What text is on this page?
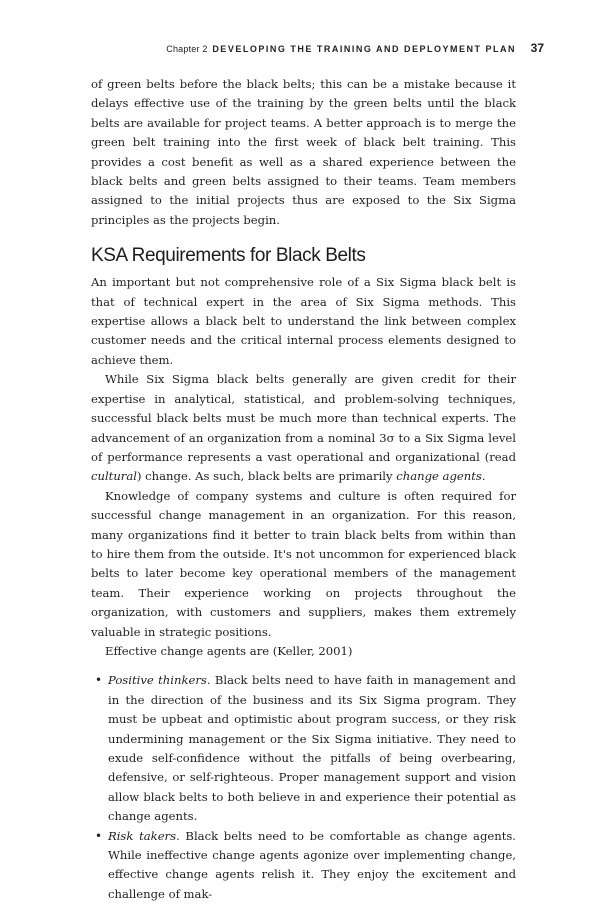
Chapter 2 DEVELOPING THE TRAINING AND DEPLOYMENT PLAN 37

of green belts before the black belts; this can be a mistake because it delays effective use of the training by the green belts until the black belts are available for project teams. A better approach is to merge the green belt training into the first week of black belt training. This provides a cost benefit as well as a shared experience between the black belts and green belts assigned to their teams. Team members assigned to the initial projects thus are exposed to the Six Sigma principles as the projects begin.

KSA Requirements for Black Belts

An important but not comprehensive role of a Six Sigma black belt is that of technical expert in the area of Six Sigma methods. This expertise allows a black belt to understand the link between complex customer needs and the critical internal process elements designed to achieve them.

While Six Sigma black belts generally are given credit for their expertise in analytical, statistical, and problem-solving techniques, successful black belts must be much more than technical experts. The advancement of an organization from a nominal 3σ to a Six Sigma level of performance represents a vast operational and organizational (read cultural) change. As such, black belts are primarily change agents.

Knowledge of company systems and culture is often required for successful change management in an organization. For this reason, many organizations find it better to train black belts from within than to hire them from the outside. It's not uncommon for experienced black belts to later become key operational members of the management team. Their experience working on projects throughout the organization, with customers and suppliers, makes them extremely valuable in strategic positions.

Effective change agents are (Keller, 2001)

• Positive thinkers. Black belts need to have faith in management and in the direction of the business and its Six Sigma program. They must be upbeat and optimistic about program success, or they risk undermining management or the Six Sigma initiative. They need to exude self-confidence without the pitfalls of being overbearing, defensive, or self-righteous. Proper management support and vision allow black belts to both believe in and experience their potential as change agents.
• Risk takers. Black belts need to be comfortable as change agents. While ineffective change agents agonize over implementing change, effective change agents relish it. They enjoy the excitement and challenge of mak-
